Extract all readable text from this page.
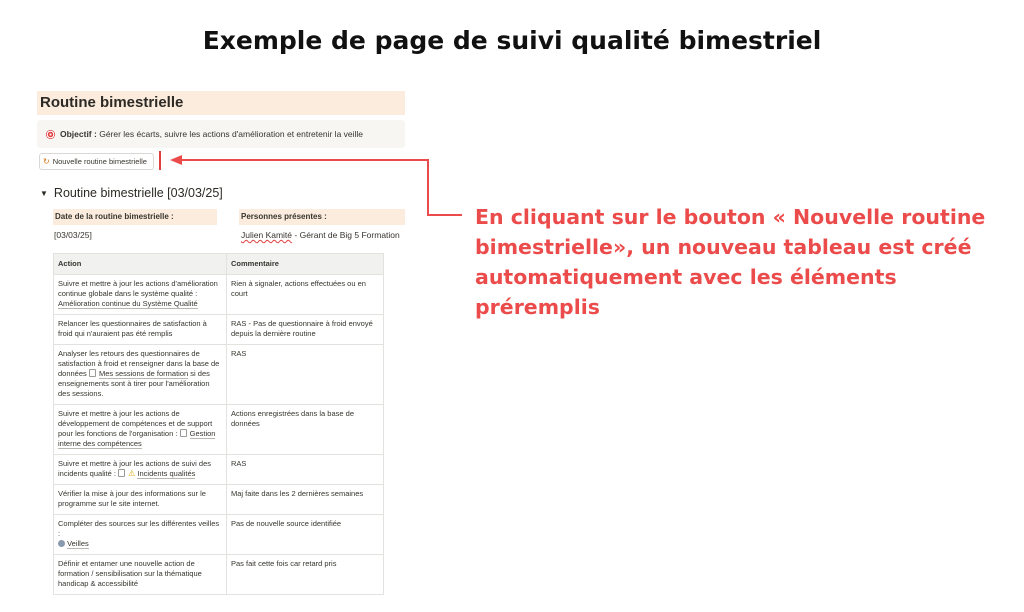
Exemple de page de suivi qualité bimestriel
Routine bimestrielle
Objectif : Gérer les écarts, suivre les actions d'amélioration et entretenir la veille
↻ Nouvelle routine bimestrielle
▼ Routine bimestrielle [03/03/25]
Date de la routine bimestrielle :	Personnes présentes :
[03/03/25]	Julien Kamité - Gérant de Big 5 Formation
Action	Commentaire
Suivre et mettre à jour les actions d'amélioration continue globale dans le système qualité :
Amélioration continue du Système Qualité	Rien à signaler, actions effectuées ou en court
Relancer les questionnaires de satisfaction à froid qui n'auraient pas été remplis	RAS - Pas de questionnaire à froid envoyé depuis la dernière routine
Analyser les retours des questionnaires de satisfaction à froid et renseigner dans la base de données Mes sessions de formation si des enseignements sont à tirer pour l'amélioration des sessions.	RAS
Suivre et mettre à jour les actions de développement de compétences et de support pour les fonctions de l'organisation : Gestion interne des compétences	Actions enregistrées dans la base de données
Suivre et mettre à jour les actions de suivi des incidents qualité : ⚠ Incidents qualités	RAS
Vérifier la mise à jour des informations sur le programme sur le site internet.	Maj faite dans les 2 dernières semaines
Compléter des sources sur les différentes veilles :
Veilles	Pas de nouvelle source identifiée
Définir et entamer une nouvelle action de formation / sensibilisation sur la thématique handicap & accessibilité	Pas fait cette fois car retard pris
En cliquant sur le bouton « Nouvelle routine bimestrielle», un nouveau tableau est créé automatiquement avec les éléments préremplis
